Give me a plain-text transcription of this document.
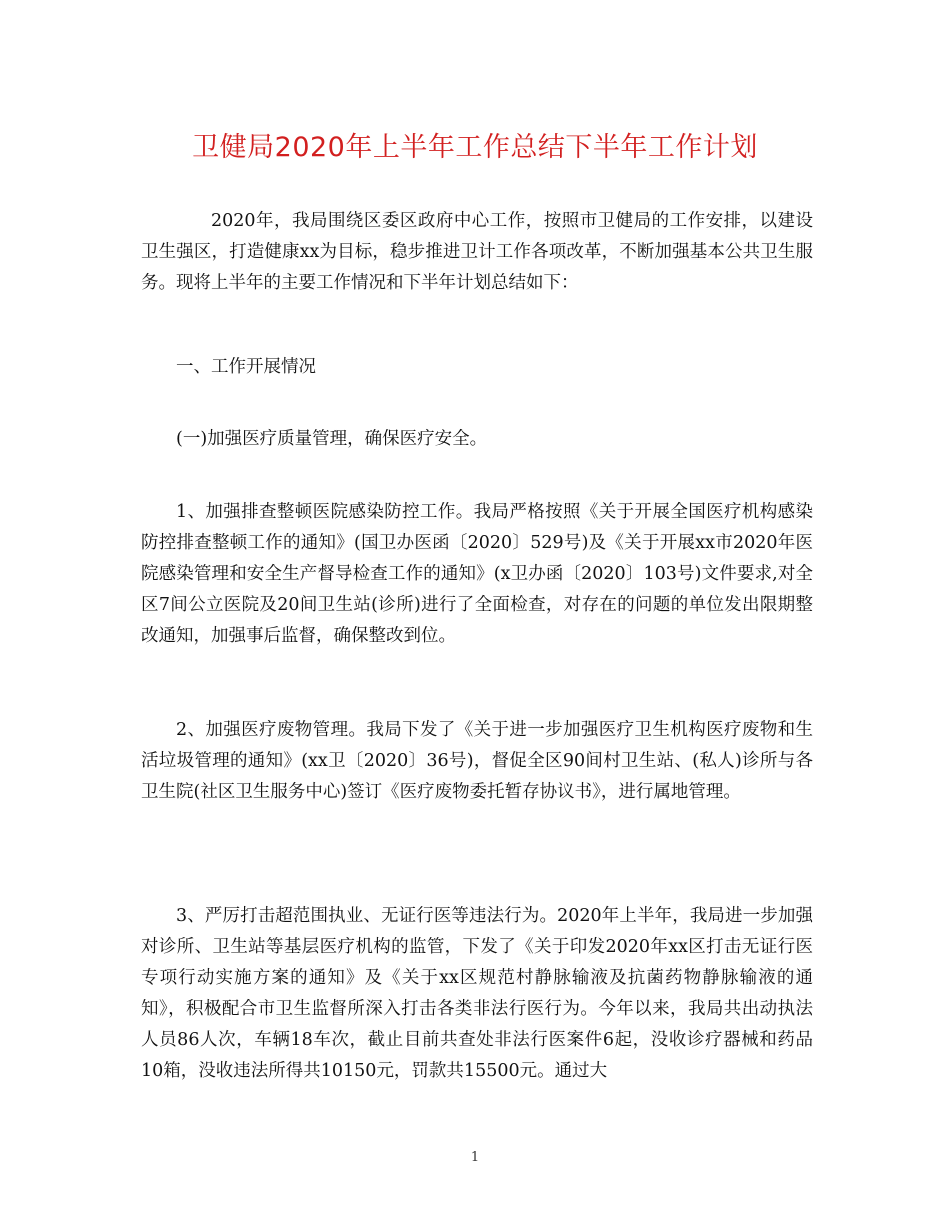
卫健局2020年上半年工作总结下半年工作计划

2020年，我局围绕区委区政府中心工作，按照市卫健局的工作安排，以建设卫生强区，打造健康xx为目标，稳步推进卫计工作各项改革，不断加强基本公共卫生服务。现将上半年的主要工作情况和下半年计划总结如下：

一、工作开展情况

(一)加强医疗质量管理，确保医疗安全。

1、加强排查整顿医院感染防控工作。我局严格按照《关于开展全国医疗机构感染防控排查整顿工作的通知》(国卫办医函〔2020〕529号)及《关于开展xx市2020年医院感染管理和安全生产督导检查工作的通知》(x卫办函〔2020〕103号)文件要求,对全区7间公立医院及20间卫生站(诊所)进行了全面检查，对存在的问题的单位发出限期整改通知，加强事后监督，确保整改到位。

2、加强医疗废物管理。我局下发了《关于进一步加强医疗卫生机构医疗废物和生活垃圾管理的通知》(xx卫〔2020〕36号)，督促全区90间村卫生站、(私人)诊所与各卫生院(社区卫生服务中心)签订《医疗废物委托暂存协议书》，进行属地管理。

3、严厉打击超范围执业、无证行医等违法行为。2020年上半年，我局进一步加强对诊所、卫生站等基层医疗机构的监管，下发了《关于印发2020年xx区打击无证行医专项行动实施方案的通知》及《关于xx区规范村静脉输液及抗菌药物静脉输液的通知》，积极配合市卫生监督所深入打击各类非法行医行为。今年以来，我局共出动执法人员86人次，车辆18车次，截止目前共查处非法行医案件6起，没收诊疗器械和药品10箱，没收违法所得共10150元，罚款共15500元。通过大

1
